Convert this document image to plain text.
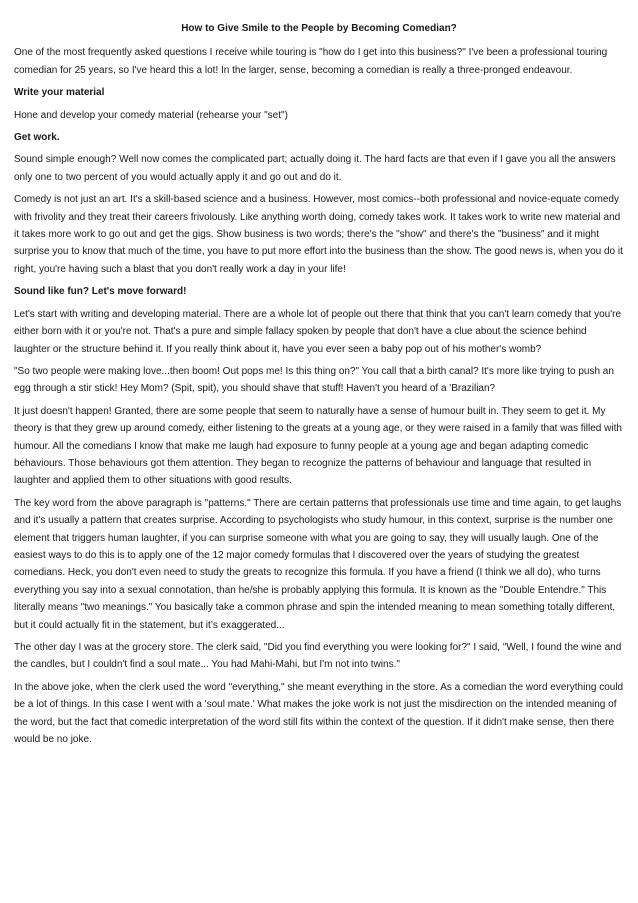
How to Give Smile to the People by Becoming Comedian?

One of the most frequently asked questions I receive while touring is "how do I get into this business?" I've been a professional touring comedian for 25 years, so I've heard this a lot! In the larger, sense, becoming a comedian is really a three-pronged endeavour.

Write your material

Hone and develop your comedy material (rehearse your "set")

Get work.

Sound simple enough? Well now comes the complicated part; actually doing it. The hard facts are that even if I gave you all the answers only one to two percent of you would actually apply it and go out and do it.

Comedy is not just an art. It's a skill-based science and a business. However, most comics--both professional and novice-equate comedy with frivolity and they treat their careers frivolously. Like anything worth doing, comedy takes work. It takes work to write new material and it takes more work to go out and get the gigs. Show business is two words; there's the "show" and there's the "business" and it might surprise you to know that much of the time, you have to put more effort into the business than the show. The good news is, when you do it right, you're having such a blast that you don't really work a day in your life!

Sound like fun? Let's move forward!

Let's start with writing and developing material. There are a whole lot of people out there that think that you can't learn comedy that you're either born with it or you're not. That's a pure and simple fallacy spoken by people that don't have a clue about the science behind laughter or the structure behind it. If you really think about it, have you ever seen a baby pop out of his mother's womb?

"So two people were making love...then boom! Out pops me! Is this thing on?" You call that a birth canal? It's more like trying to push an egg through a stir stick! Hey Mom? (Spit, spit), you should shave that stuff! Haven't you heard of a 'Brazilian?

It just doesn't happen! Granted, there are some people that seem to naturally have a sense of humour built in. They seem to get it. My theory is that they grew up around comedy, either listening to the greats at a young age, or they were raised in a family that was filled with humour. All the comedians I know that make me laugh had exposure to funny people at a young age and began adapting comedic behaviours. Those behaviours got them attention. They began to recognize the patterns of behaviour and language that resulted in laughter and applied them to other situations with good results.

The key word from the above paragraph is "patterns." There are certain patterns that professionals use time and time again, to get laughs and it's usually a pattern that creates surprise. According to psychologists who study humour, in this context, surprise is the number one element that triggers human laughter, if you can surprise someone with what you are going to say, they will usually laugh. One of the easiest ways to do this is to apply one of the 12 major comedy formulas that I discovered over the years of studying the greatest comedians. Heck, you don't even need to study the greats to recognize this formula. If you have a friend (I think we all do), who turns everything you say into a sexual connotation, than he/she is probably applying this formula. It is known as the "Double Entendre." This literally means "two meanings." You basically take a common phrase and spin the intended meaning to mean something totally different, but it could actually fit in the statement, but it’s exaggerated...

The other day I was at the grocery store. The clerk said, "Did you find everything you were looking for?" I said, "Well, I found the wine and the candles, but I couldn't find a soul mate... You had Mahi-Mahi, but I'm not into twins."

In the above joke, when the clerk used the word "everything," she meant everything in the store. As a comedian the word everything could be a lot of things. In this case I went with a 'soul mate.' What makes the joke work is not just the misdirection on the intended meaning of the word, but the fact that comedic interpretation of the word still fits within the context of the question. If it didn't make sense, then there would be no joke.
